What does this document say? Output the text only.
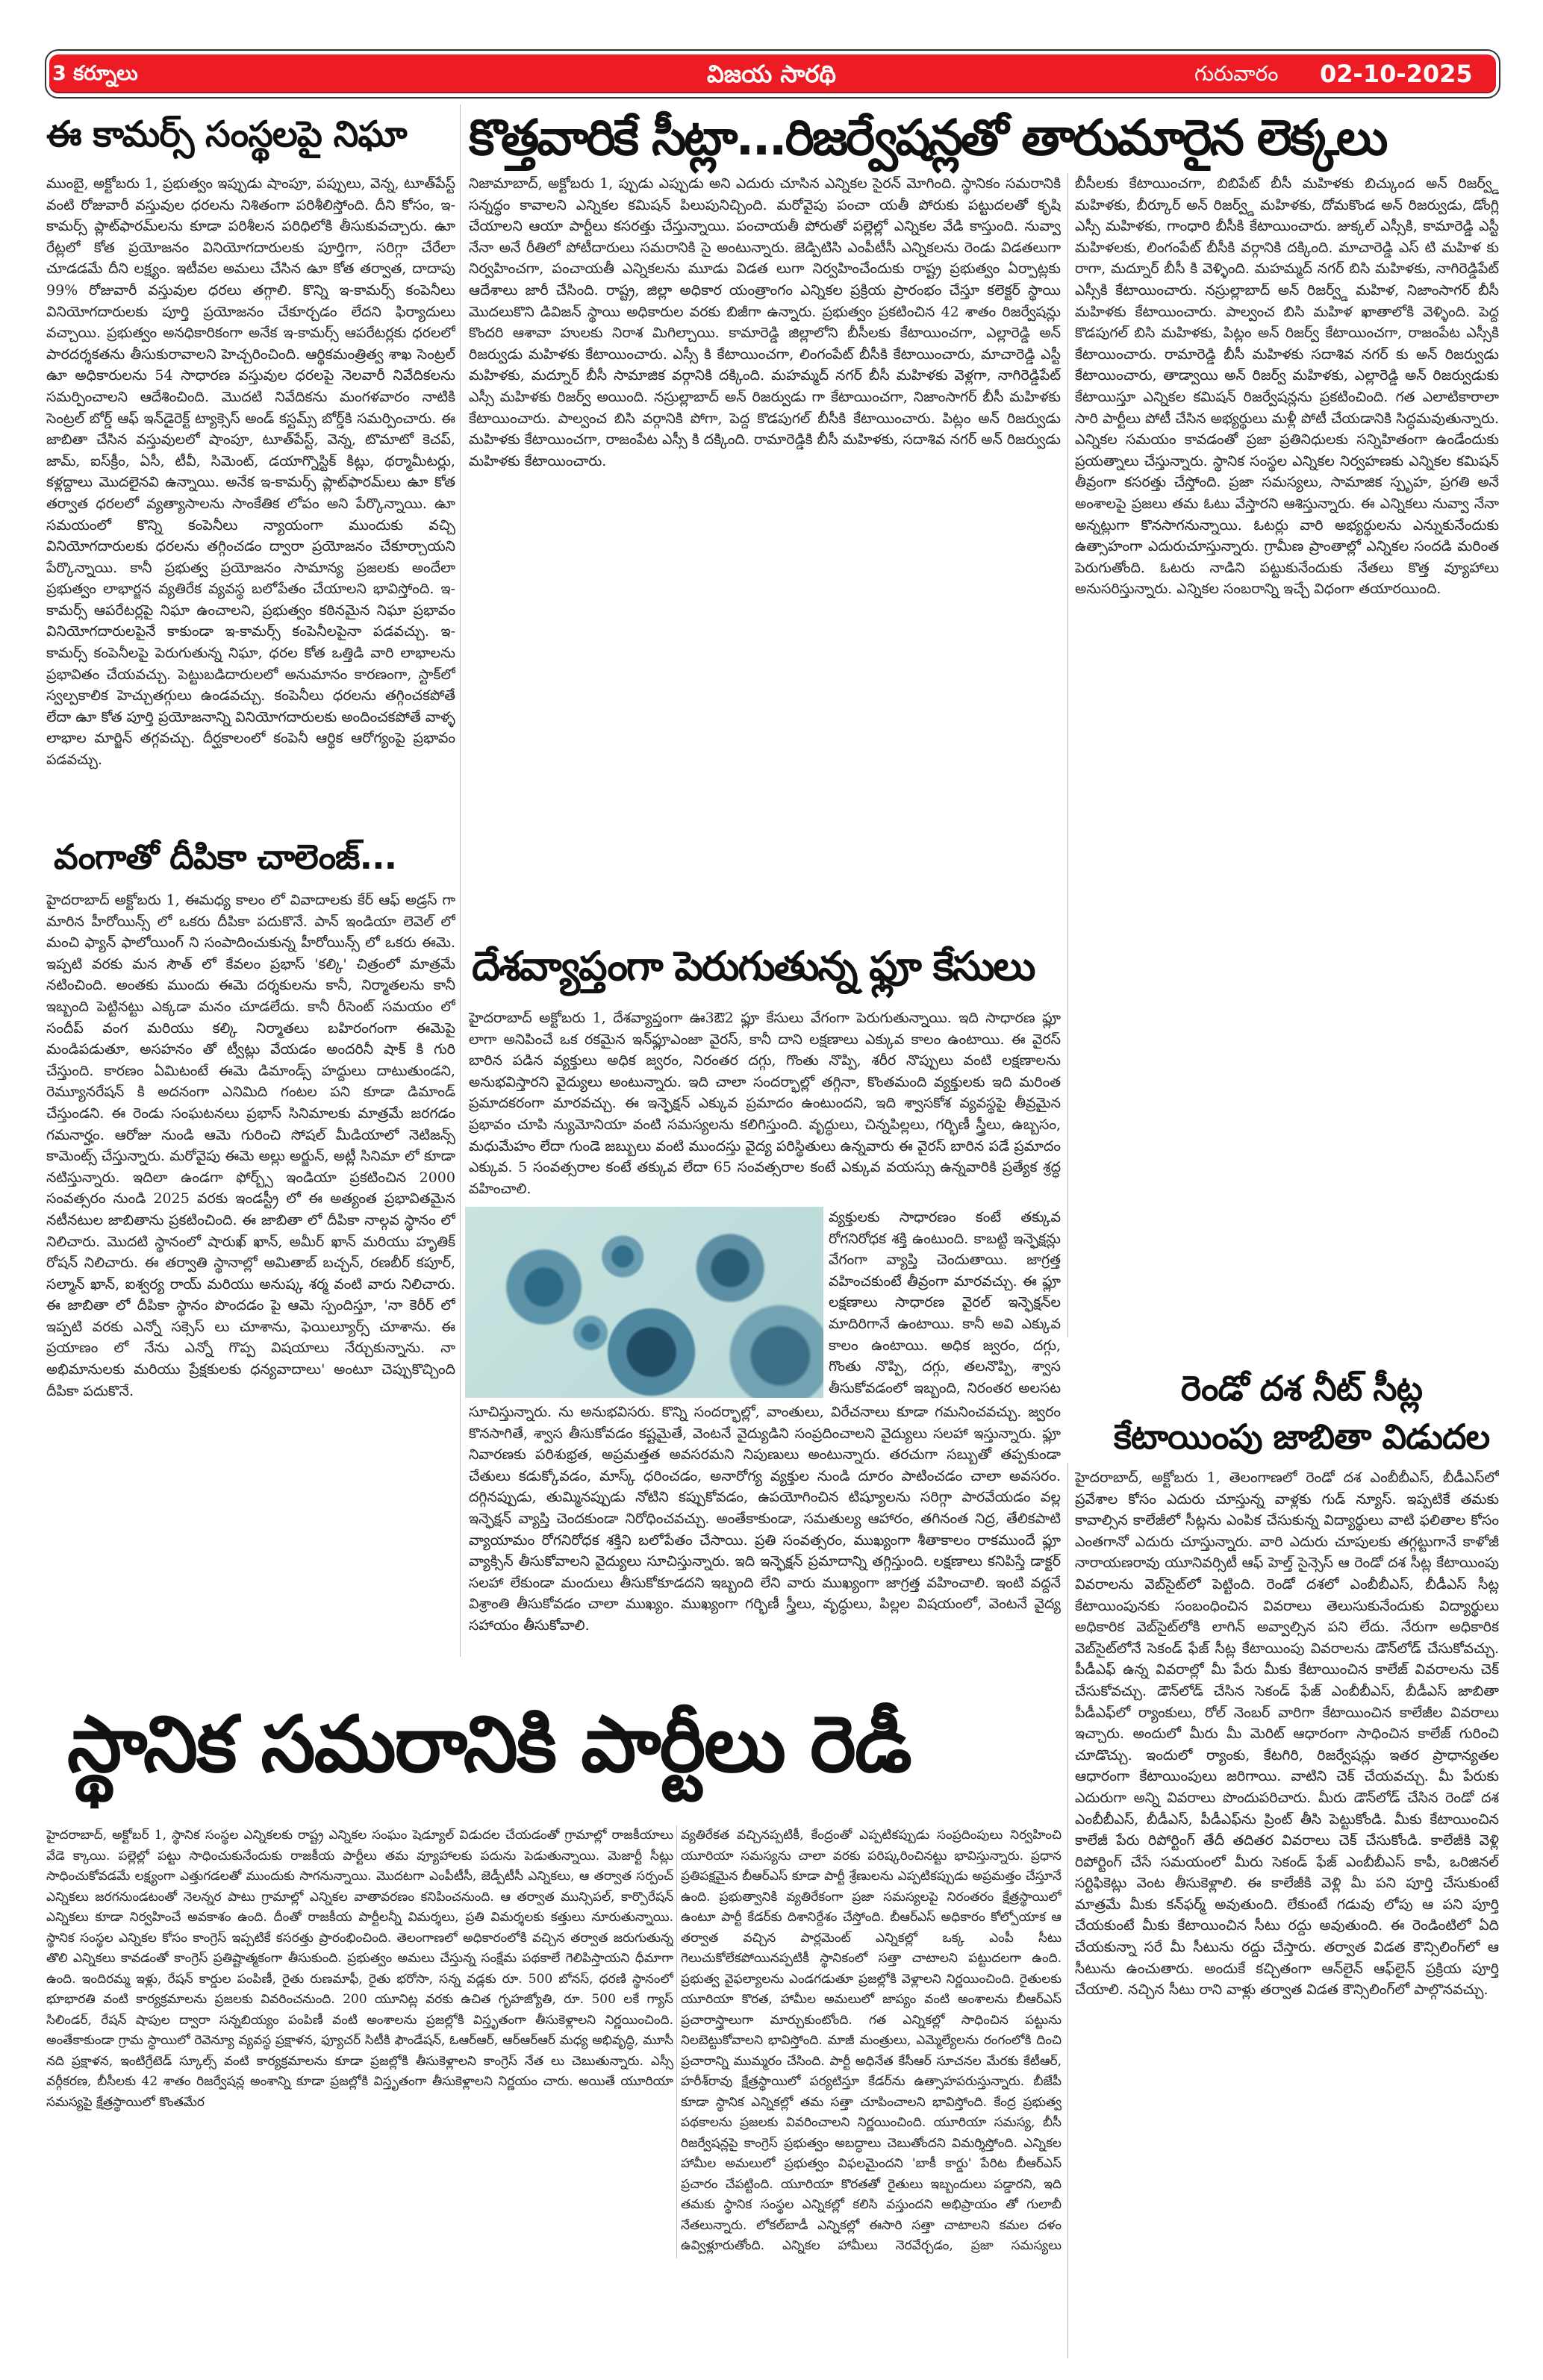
3 కర్నూలు	విజయ సారథి	గురువారం 02-10-2025
ఈ కామర్స్ సంస్థలపై నిఘా
ముంబై, అక్టోబరు 1, ప్రభుత్వం ఇప్పుడు షాంపూ, పప్పులు, వెన్న, టూత్‌పేస్ట్ వంటి రోజువారీ వస్తువుల ధరలను నిశితంగా పరిశీలిస్తోంది. దీని కోసం, ఇ-కామర్స్ ప్లాట్‌ఫారమ్‌లను కూడా పరిశీలన పరిధిలోకి తీసుకువచ్చారు. ఉూ రేట్లలో కోత ప్రయోజనం వినియోగదారులకు పూర్తిగా, సరిగ్గా చేరేలా చూడడమే దీని లక్ష్యం. ఇటీవల అమలు చేసిన ఉూ కోత తర్వాత, దాదాపు 99% రోజువారీ వస్తువుల ధరలు తగ్గాలి. కొన్ని ఇ-కామర్స్ కంపెనీలు వినియోగదారులకు పూర్తి ప్రయోజనం చేకూర్చడం లేదని ఫిర్యాదులు వచ్చాయి. ప్రభుత్వం అనధికారికంగా అనేక ఇ-కామర్స్ ఆపరేటర్లకు ధరలలో పారదర్శకతను తీసుకురావాలని హెచ్చరించింది. ఆర్థికమంత్రిత్వ శాఖ సెంట్రల్ ఉూ అధికారులను 54 సాధారణ వస్తువుల ధరలపై నెలవారీ నివేదికలను సమర్పించాలని ఆదేశించింది. మొదటి నివేదికను మంగళవారం నాటికి సెంట్రల్ బోర్డ్ ఆఫ్ ఇన్‌డైరెక్ట్ ట్యాక్సెస్ అండ్ కస్టమ్స్ బోర్డ్‌కి సమర్పించారు. ఈ జాబితా చేసిన వస్తువులలో షాంపూ, టూత్‌పేస్ట్, వెన్న, టొమాటో కెచప్, జామ్, ఐస్‌క్రీం, ఏసీ, టీవీ, సిమెంట్, డయాగ్నొస్టిక్ కిట్లు, థర్మామీటర్లు, కళ్లద్దాలు మొదలైనవి ఉన్నాయి. అనేక ఇ-కామర్స్ ప్లాట్‌ఫారమ్‌లు ఉూ కోత తర్వాత ధరలలో వ్యత్యాసాలను సాంకేతిక లోపం అని పేర్కొన్నాయి. ఉూ సమయంలో కొన్ని కంపెనీలు న్యాయంగా ముందుకు వచ్చి వినియోగదారులకు ధరలను తగ్గించడం ద్వారా ప్రయోజనం చేకూర్చాయని పేర్కొన్నాయి. కానీ ప్రభుత్వ ప్రయోజనం సామాన్య ప్రజలకు అందేలా ప్రభుత్వం లాభార్జన వ్యతిరేక వ్యవస్థ బలోపేతం చేయాలని భావిస్తోంది. ఇ-కామర్స్ ఆపరేటర్లపై నిఘా ఉంచాలని, ప్రభుత్వం కఠినమైన నిఘా ప్రభావం వినియోగదారులపైనే కాకుండా ఇ-కామర్స్ కంపెనీలపైనా పడవచ్చు. ఇ-కామర్స్ కంపెనీలపై పెరుగుతున్న నిఘా, ధరల కోత ఒత్తిడి వారి లాభాలను ప్రభావితం చేయవచ్చు. పెట్టుబడిదారులలో అనుమానం కారణంగా, స్టాక్‌లో స్వల్పకాలిక హెచ్చుతగ్గులు ఉండవచ్చు. కంపెనీలు ధరలను తగ్గించకపోతే లేదా ఉూ కోత పూర్తి ప్రయోజనాన్ని వినియోగదారులకు అందించకపోతే వాళ్ళ లాభాల మార్జిన్ తగ్గవచ్చు. దీర్ఘకాలంలో కంపెనీ ఆర్థిక ఆరోగ్యంపై ప్రభావం పడవచ్చు.
వంగాతో దీపికా చాలెంజ్...
హైదరాబాద్ అక్టోబరు 1, ఈమధ్య కాలం లో వివాదాలకు కేర్ ఆఫ్ అడ్రస్ గా మారిన హీరోయిన్స్ లో ఒకరు దీపికా పదుకొనే. పాన్ ఇండియా లెవెల్ లో మంచి ఫ్యాన్ ఫాలోయింగ్ ని సంపాదించుకున్న హీరోయిన్స్ లో ఒకరు ఈమె. ఇప్పటి వరకు మన సౌత్ లో కేవలం ప్రభాస్ 'కల్కి' చిత్రంలో మాత్రమే నటించింది. అంతకు ముందు ఈమె దర్శకులను కానీ, నిర్మాతలను కానీ ఇబ్బంది పెట్టినట్టు ఎక్కడా మనం చూడలేదు. కానీ రీసెంట్ సమయం లో సందీప్ వంగ మరియు కల్కి నిర్మాతలు బహిరంగంగా ఈమెపై మండిపడుతూ, అసహనం తో ట్వీట్లు వేయడం అందరినీ షాక్ కి గురి చేస్తుంది. కారణం ఏమిటంటే ఈమె డిమాండ్స్ హద్దులు దాటుతుండని, రెమ్యూనరేషన్ కి అదనంగా ఎనిమిది గంటల పని కూడా డిమాండ్ చేస్తుండని. ఈ రెండు సంఘటనలు ప్రభాస్ సినిమాలకు మాత్రమే జరగడం గమనార్హం. ఆరోజు నుండి ఆమె గురించి సోషల్ మీడియాలో నెటిజన్స్ కామెంట్స్ చేస్తున్నారు. మరోవైపు ఈమె అల్లు అర్జున్, అట్లీ సినిమా లో కూడా నటిస్తున్నారు. ఇదిలా ఉండగా ఫోర్బ్స్ ఇండియా ప్రకటించిన 2000 సంవత్సరం నుండి 2025 వరకు ఇండస్ట్రీ లో ఈ అత్యంత ప్రభావితమైన నటీనటుల జాబితాను ప్రకటించింది. ఈ జాబితా లో దీపికా నాల్గవ స్థానం లో నిలిచారు. మొదటి స్థానంలో షారుఖ్ ఖాన్, అమీర్ ఖాన్ మరియు హృతిక్ రోషన్ నిలిచారు. ఈ తర్వాతి స్థానాల్లో అమితాబ్ బచ్చన్, రణబీర్ కపూర్, సల్మాన్ ఖాన్, ఐశ్వర్య రాయ్ మరియు అనుష్క శర్మ వంటి వారు నిలిచారు. ఈ జాబితా లో దీపికా స్థానం పొందడం పై ఆమె స్పందిస్తూ, 'నా కెరీర్ లో ఇప్పటి వరకు ఎన్నో సక్సెస్ లు చూశాను, ఫెయిల్యూర్స్ చూశాను. ఈ ప్రయాణం లో నేను ఎన్నో గొప్ప విషయాలు నేర్చుకున్నాను. నా అభిమానులకు మరియు ప్రేక్షకులకు ధన్యవాదాలు' అంటూ చెప్పుకొచ్చింది దీపికా పదుకొనే.
కొత్తవారికే సీట్లా...రిజర్వేషన్లతో తారుమారైన లెక్కలు
నిజామాబాద్, అక్టోబరు 1, ప్పుడు ఎప్పుడు అని ఎదురు చూసిన ఎన్నికల సైరన్ మోగింది. స్థానికం సమరానికి సన్నద్ధం కావాలని ఎన్నికల కమిషన్ పిలుపునిచ్చింది. మరోవైపు పంచా యతీ పోరుకు పట్టుదలతో కృషి చేయాలని ఆయా పార్టీలు కసరత్తు చేస్తున్నాయి. పంచాయతీ పోరుతో పల్లెల్లో ఎన్నికల వేడి కాస్తుంది. నువ్వా నేనా అనే రీతిలో పోటీదారులు సమరానికి సై అంటున్నారు. జెడ్పిటిసి ఎంపీటీసీ ఎన్నికలను రెండు విడతలుగా నిర్వహించగా, పంచాయతీ ఎన్నికలను మూడు విడత లుగా నిర్వహించేందుకు రాష్ట్ర ప్రభుత్వం ఏర్పాట్లకు ఆదేశాలు జారీ చేసింది. రాష్ట్ర, జిల్లా అధికార యంత్రాంగం ఎన్నికల ప్రక్రియ ప్రారంభం చేస్తూ కలెక్టర్ స్థాయి మొదలుకొని డివిజన్ స్థాయి అధికారుల వరకు బిజీగా ఉన్నారు. ప్రభుత్వం ప్రకటించిన 42 శాతం రిజర్వేషన్లు కొందరి ఆశావా హులకు నిరాశ మిగిల్చాయి. కామారెడ్డి జిల్లాలోని బీసీలకు కేటాయించగా, ఎల్లారెడ్డి అన్ రిజర్వుడు మహిళకు కేటాయించారు. ఎస్సీ కి కేటాయించగా, లింగంపేట్ బీసీకి కేటాయించారు, మాచారెడ్డి ఎస్టీ మహిళకు, మద్నూర్ బీసీ సామాజిక వర్గానికి దక్కింది. మహమ్మద్ నగర్ బీసీ మహిళకు వెళ్లగా, నాగిరెడ్డిపేట్ ఎస్సీ మహిళకు రిజర్వ్ అయింది. నస్రుల్లాబాద్ అన్ రిజర్వుడు గా కేటాయించగా, నిజాంసాగర్ బీసీ మహిళకు కేటాయించారు. పాల్వంచ బిసి వర్గానికి పోగా, పెద్ద కొడపుగల్ బీసీకి కేటాయించారు. పిట్లం అన్ రిజర్వుడు మహిళకు కేటాయించగా, రాజంపేట ఎస్సీ కి దక్కింది. రామారెడ్డికి బీసీ మహిళకు, సదాశివ నగర్ అన్ రిజర్వుడు మహిళకు కేటాయించారు.
బీసీలకు కేటాయించగా, బిబిపేట్ బీసీ మహిళకు బిచ్కుంద అన్ రిజర్వ్డ్ మహిళకు, బీర్కూర్ అన్ రిజర్వ్డ్ మహిళకు, దోమకొండ అన్ రిజర్వుడు, డోంగ్లి ఎస్సీ మహిళకు, గాంధారి బీసీకి కేటాయించారు. జుక్కల్ ఎస్సీకి, కామారెడ్డి ఎస్టీ మహిళలకు, లింగంపేట్ బీసీకి వర్గానికి దక్కింది. మాచారెడ్డి ఎస్ టి మహిళ కు రాగా, మద్నూర్ బీసీ కి వెళ్ళింది. మహమ్మద్ నగర్ బిసి మహిళకు, నాగిరెడ్డిపేట్ ఎస్సీకి కేటాయించారు. నస్రుల్లాబాద్ అన్ రిజర్వ్డ్ మహిళ, నిజాంసాగర్ బీసీ మహిళకు కేటాయించారు. పాల్వంచ బిసి మహిళ ఖాతాలోకి వెళ్ళింది. పెద్ద కొడపుగల్ బిసి మహిళకు, పిట్లం అన్ రిజర్వ్ కేటాయించగా, రాజంపేట ఎస్సీకి కేటాయించారు. రామారెడ్డి బీసీ మహిళకు సదాశివ నగర్ కు అన్ రిజర్వుడు కేటాయించారు, తాడ్వాయి అన్ రిజర్వ్ మహిళకు, ఎల్లారెడ్డి అన్ రిజర్వుడుకు కేటాయిస్తూ ఎన్నికల కమిషన్ రిజర్వేషన్లను ప్రకటించింది. గత ఎలాటికారాలా సారి పార్టీలు పోటీ చేసిన అభ్యర్థులు మళ్లీ పోటీ చేయడానికి సిద్ధమవుతున్నారు. ఎన్నికల సమయం కావడంతో ప్రజా ప్రతినిధులకు సన్నిహితంగా ఉండేందుకు ప్రయత్నాలు చేస్తున్నారు. స్థానిక సంస్థల ఎన్నికల నిర్వహణకు ఎన్నికల కమిషన్ తీవ్రంగా కసరత్తు చేస్తోంది. ప్రజా సమస్యలు, సామాజిక స్పృహ, ప్రగతి అనే అంశాలపై ప్రజలు తమ ఓటు వేస్తారని ఆశిస్తున్నారు. ఈ ఎన్నికలు నువ్వా నేనా అన్నట్లుగా కొనసాగనున్నాయి. ఓటర్లు వారి అభ్యర్థులను ఎన్నుకునేందుకు ఉత్సాహంగా ఎదురుచూస్తున్నారు. గ్రామీణ ప్రాంతాల్లో ఎన్నికల సందడి మరింత పెరుగుతోంది. ఓటరు నాడిని పట్టుకునేందుకు నేతలు కొత్త వ్యూహాలు అనుసరిస్తున్నారు. ఎన్నికల సంబరాన్ని ఇచ్చే విధంగా తయారయింది.
దేశవ్యాప్తంగా పెరుగుతున్న ఫ్లూ కేసులు
హైదరాబాద్ అక్టోబరు 1, దేశవ్యాప్తంగా ఊ3ఔ2 ఫ్లూ కేసులు వేగంగా పెరుగుతున్నాయి. ఇది సాధారణ ఫ్లూ లాగా అనిపించే ఒక రకమైన ఇన్‌ఫ్లూఎంజా వైరస్, కానీ దాని లక్షణాలు ఎక్కువ కాలం ఉంటాయి. ఈ వైరస్ బారిన పడిన వ్యక్తులు అధిక జ్వరం, నిరంతర దగ్గు, గొంతు నొప్పి, శరీర నొప్పులు వంటి లక్షణాలను అనుభవిస్తారని వైద్యులు అంటున్నారు. ఇది చాలా సందర్భాల్లో తగ్గినా, కొంతమంది వ్యక్తులకు ఇది మరింత ప్రమాదకరంగా మారవచ్చు. ఈ ఇన్ఫెక్షన్ ఎక్కువ ప్రమాదం ఉంటుందని, ఇది శ్వాసకోశ వ్యవస్థపై తీవ్రమైన ప్రభావం చూపి న్యుమోనియా వంటి సమస్యలను కలిగిస్తుంది. వృద్ధులు, చిన్నపిల్లలు, గర్భిణీ స్త్రీలు, ఉబ్బసం, మధుమేహం లేదా గుండె జబ్బులు వంటి ముందస్తు వైద్య పరిస్థితులు ఉన్నవారు ఈ వైరస్ బారిన పడే ప్రమాదం ఎక్కువ. 5 సంవత్సరాల కంటే తక్కువ లేదా 65 సంవత్సరాల కంటే ఎక్కువ వయస్సు ఉన్నవారికి ప్రత్యేక శ్రద్ధ వహించాలి.
వ్యక్తులకు సాధారణం కంటే తక్కువ రోగనిరోధక శక్తి ఉంటుంది. కాబట్టి ఇన్ఫెక్షన్లు వేగంగా వ్యాప్తి చెందుతాయి. జాగ్రత్త వహించకుంటే తీవ్రంగా మారవచ్చు. ఈ ఫ్లూ లక్షణాలు సాధారణ వైరల్ ఇన్ఫెక్షన్‌ల మాదిరిగానే ఉంటాయి. కానీ అవి ఎక్కువ కాలం ఉంటాయి. అధిక జ్వరం, దగ్గు, గొంతు నొప్పి, దగ్గు, తలనొప్పి, శ్వాస తీసుకోవడంలో ఇబ్బంది, నిరంతర అలసట
సూచిస్తున్నారు. ను అనుభవిసరు. కొన్ని సందర్భాల్లో, వాంతులు, విరేచనాలు కూడా గమనించవచ్చు. జ్వరం కొనసాగితే, శ్వాస తీసుకోవడం కష్టమైతే, వెంటనే వైద్యుడిని సంప్రదించాలని వైద్యులు సలహా ఇస్తున్నారు. ఫ్లూ నివారణకు పరిశుభ్రత, అప్రమత్తత అవసరమని నిపుణులు అంటున్నారు. తరచుగా సబ్బుతో తప్పకుండా చేతులు కడుక్కోవడం, మాస్క్ ధరించడం, అనారోగ్య వ్యక్తుల నుండి దూరం పాటించడం చాలా అవసరం. దగ్గినప్పుడు, తుమ్మినప్పుడు నోటిని కప్పుకోవడం, ఉపయోగించిన టిష్యూలను సరిగ్గా పారవేయడం వల్ల ఇన్ఫెక్షన్ వ్యాప్తి చెందకుండా నిరోధించవచ్చు. అంతేకాకుండా, సమతుల్య ఆహారం, తగినంత నిద్ర, తేలికపాటి వ్యాయామం రోగనిరోధక శక్తిని బలోపేతం చేసాయి. ప్రతి సంవత్సరం, ముఖ్యంగా శీతాకాలం రాకముందే ఫ్లూ వ్యాక్సిన్ తీసుకోవాలని వైద్యులు సూచిస్తున్నారు. ఇది ఇన్ఫెక్షన్ ప్రమాదాన్ని తగ్గిస్తుంది. లక్షణాలు కనిపిస్తే డాక్టర్ సలహా లేకుండా మందులు తీసుకోకూడదని ఇబ్బంది లేని వారు ముఖ్యంగా జాగ్రత్త వహించాలి. ఇంటి వద్దనే విశ్రాంతి తీసుకోవడం చాలా ముఖ్యం. ముఖ్యంగా గర్భిణీ స్త్రీలు, వృద్ధులు, పిల్లల విషయంలో, వెంటనే వైద్య సహాయం తీసుకోవాలి.
రెండో దశ నీట్ సీట్ల
కేటాయింపు జాబితా విడుదల
హైదరాబాద్, అక్టోబరు 1, తెలంగాణలో రెండో దశ ఎంబీబీఎస్, బీడీఎస్‌లో ప్రవేశాల కోసం ఎదురు చూస్తున్న వాళ్లకు గుడ్ న్యూస్. ఇప్పటికే తమకు కావాల్సిన కాలేజీలో సీట్లను ఎంపిక చేసుకున్న విద్యార్థులు వాటి ఫలితాల కోసం ఎంతగానో ఎదురు చూస్తున్నారు. వారి ఎదురు చూపులకు తగ్గట్టుగానే కాళోజీ నారాయణరావు యూనివర్సిటీ ఆఫ్ హెల్త్ సైన్సెస్ ఆ రెండో దశ సీట్ల కేటాయింపు వివరాలను వెబ్‌సైట్‌లో పెట్టింది. రెండో దశలో ఎంబీబీఎస్, బీడీఎస్ సీట్ల కేటాయింపునకు సంబంధించిన వివరాలు తెలుసుకునేందుకు విద్యార్థులు అధికారిక వెబ్‌సైట్‌లోకి లాగిన్ అవ్వాల్సిన పని లేదు. నేరుగా అధికారిక వెబ్‌సైట్‌లోనే సెకండ్ ఫేజ్ సీట్ల కేటాయింపు వివరాలను డౌన్‌లోడ్ చేసుకోవచ్చు. పీడీఎఫ్ ఉన్న వివరాల్లో మీ పేరు మీకు కేటాయించిన కాలేజ్ వివరాలను చెక్ చేసుకోవచ్చు. డౌన్‌లోడ్ చేసిన సెకండ్ ఫేజ్ ఎంబీబీఎస్, బీడీఎస్ జాబితా పీడీఎఫ్‌లో ర్యాంకులు, రోల్ నెంబర్ వారిగా కేటాయించిన కాలేజీల వివరాలు ఇచ్చారు. అందులో మీరు మీ మెరిట్ ఆధారంగా సాధించిన కాలేజ్ గురించి చూడొచ్చు. ఇందులో ర్యాంకు, కేటగిరి, రిజర్వేషన్లు ఇతర ప్రాధాన్యతల ఆధారంగా కేటాయింపులు జరిగాయి. వాటిని చెక్ చేయవచ్చు. మీ పేరుకు ఎదురుగా అన్ని వివరాలు పొందుపరిచారు. మీరు డౌన్‌లోడ్ చేసిన రెండో దశ ఎంబీబీఎస్, బీడీఎస్, పీడీఎఫ్‌ను ప్రింట్ తీసి పెట్టుకోండి. మీకు కేటాయించిన కాలేజీ పేరు రిపోర్టింగ్ తేదీ తదితర వివరాలు చెక్ చేసుకోండి. కాలేజీకి వెళ్లి రిపోర్టింగ్ చేసే సమయంలో మీరు సెకండ్ ఫేజ్ ఎంబీబీఎస్ కాపీ, ఒరిజినల్ సర్టిఫికెట్లు వెంట తీసుకెళ్లాలి. ఈ కాలేజీకి వెళ్లి మీ పని పూర్తి చేసుకుంటే మాత్రమే మీకు కన్‌ఫర్మ్ అవుతుంది. లేకుంటే గడువు లోపు ఆ పని పూర్తి చేయకుంటే మీకు కేటాయించిన సీటు రద్దు అవుతుంది. ఈ రెండింటిలో ఏది చేయకున్నా సరే మీ సీటును రద్దు చేస్తారు. తర్వాత విడత కౌన్సిలింగ్‌లో ఆ సీటును ఉంచుతారు. అందుకే కచ్చితంగా ఆన్‌లైన్ ఆఫ్‌లైన్ ప్రక్రియ పూర్తి చేయాలి. నచ్చిన సీటు రాని వాళ్లు తర్వాత విడత కౌన్సిలింగ్‌లో పాల్గొనవచ్చు.
స్థానిక సమరానికి పార్టీలు రెడీ
హైదరాబాద్, అక్టోబర్ 1, స్థానిక సంస్థల ఎన్నికలకు రాష్ట్ర ఎన్నికల సంఘం షెడ్యూల్ విడుదల చేయడంతో గ్రామాల్లో రాజకీయాలు వేడె క్కాయి. పల్లెల్లో పట్టు సాధించుకునేందుకు రాజకీయ పార్టీలు తమ వ్యూహాలకు పదును పెడుతున్నాయి. మెజార్టీ సీట్లు సాధించుకోవడమే లక్ష్యంగా ఎత్తుగడలతో ముందుకు సాగనున్నాయి. మొదటగా ఎంపీటీసీ, జెడ్పీటీసీ ఎన్నికలు, ఆ తర్వాత సర్పంచ్ ఎన్నికలు జరగనుండటంతో నెలన్నర పాటు గ్రామాల్లో ఎన్నికల వాతావరణం కనిపించనుంది. ఆ తర్వాత మున్సిపల్, కార్పొరేషన్ ఎన్నికలు కూడా నిర్వహించే అవకాశం ఉంది. దీంతో రాజకీయ పార్టీలన్నీ విమర్శలు, ప్రతి విమర్శలకు కత్తులు నూరుతున్నాయి. స్థానిక సంస్థల ఎన్నికల కోసం కాంగ్రెస్ ఇప్పటికే కసరత్తు ప్రారంభించింది. తెలంగాణలో అధికారంలోకి వచ్చిన తర్వాత జరుగుతున్న తొలి ఎన్నికలు కావడంతో కాంగ్రెస్ ప్రతిష్టాత్మకంగా తీసుకుంది. ప్రభుత్వం అమలు చేస్తున్న సంక్షేమ పథకాలే గెలిపిస్తాయని ధీమాగా ఉంది. ఇందిరమ్మ ఇళ్లు, రేషన్ కార్డుల పంపిణీ, రైతు రుణమాఫీ, రైతు భరోసా, సన్న వడ్లకు రూ. 500 బోనస్, ధరణి స్థానంలో భూభారతి వంటి కార్యక్రమాలను ప్రజలకు వివరించనుంది. 200 యూనిట్ల వరకు ఉచిత గృహజ్యోతి, రూ. 500 లకే గ్యాస్ సిలిండర్, రేషన్ షాపుల ద్వారా సన్నబియ్యం పంపిణీ వంటి అంశాలను ప్రజల్లోకి విస్తృతంగా తీసుకెళ్లాలని నిర్ణయించింది. అంతేకాకుండా గ్రామ స్థాయిలో రెవెన్యూ వ్యవస్థ ప్రక్షాళన, ఫ్యూచర్ సిటీకి ఫౌండేషన్, ఓఆర్ఆర్, ఆర్ఆర్ఆర్ మధ్య అభివృద్ధి, మూసీ నది ప్రక్షాళన, ఇంటిగ్రేటెడ్ స్కూల్స్ వంటి కార్యక్రమాలను కూడా ప్రజల్లోకి తీసుకెళ్లాలని కాంగ్రెస్ నేత లు చెబుతున్నారు. ఎస్సీ వర్గీకరణ, బీసీలకు 42 శాతం రిజర్వేషన్ల అంశాన్ని కూడా ప్రజల్లోకి విస్తృతంగా తీసుకెళ్లాలని నిర్ణయం చారు. అయితే యూరియా సమస్యపై క్షేత్రస్థాయిలో కొంతమేర
వ్యతిరేకత వచ్చినప్పటికీ, కేంద్రంతో ఎప్పటికప్పుడు సంప్రదింపులు నిర్వహించి యూరియా సమస్యను చాలా వరకు పరిష్కరించినట్టు భావిస్తున్నారు. ప్రధాన ప్రతిపక్షమైన బీఆర్ఎస్ కూడా పార్టీ శ్రేణులను ఎప్పటికప్పుడు అప్రమత్తం చేస్తూనే ఉంది. ప్రభుత్వానికి వ్యతిరేకంగా ప్రజా సమస్యలపై నిరంతరం క్షేత్రస్థాయిలో ఉంటూ పార్టీ కేడర్‌కు దిశానిర్దేశం చేస్తోంది. బీఆర్ఎస్ అధికారం కోల్పోయాక ఆ తర్వాత వచ్చిన పార్లమెంట్ ఎన్నికల్లో ఒక్క ఎంపీ సీటు గెలుచుకోలేకపోయినప్పటికీ స్థానికంలో సత్తా చాటాలని పట్టుదలగా ఉంది. ప్రభుత్వ వైఫల్యాలను ఎండగడుతూ ప్రజల్లోకి వెళ్లాలని నిర్ణయించింది. రైతులకు యూరియా కొరత, హామీల అమలులో జాప్యం వంటి అంశాలను బీఆర్ఎస్ ప్రచారాస్త్రాలుగా మార్చుకుంటోంది. గత ఎన్నికల్లో సాధించిన పట్టును నిలబెట్టుకోవాలని భావిస్తోంది. మాజీ మంత్రులు, ఎమ్మెల్యేలను రంగంలోకి దించి ప్రచారాన్ని ముమ్మరం చేసింది. పార్టీ అధినేత కేసీఆర్ సూచనల మేరకు కేటీఆర్, హరీశ్‌రావు క్షేత్రస్థాయిలో పర్యటిస్తూ కేడర్‌ను ఉత్సాహపరుస్తున్నారు. బీజేపీ కూడా స్థానిక ఎన్నికల్లో తమ సత్తా చూపించాలని భావిస్తోంది. కేంద్ర ప్రభుత్వ పథకాలను ప్రజలకు వివరించాలని నిర్ణయించింది. యూరియా సమస్య, బీసీ రిజర్వేషన్లపై కాంగ్రెస్ ప్రభుత్వం అబద్ధాలు చెబుతోందని విమర్శిస్తోంది. ఎన్నికల హామీల అమలులో ప్రభుత్వం విఫలమైందని 'బాకీ కార్డు' పేరిట బీఆర్ఎస్ ప్రచారం చేపట్టింది. యూరియా కొరతతో రైతులు ఇబ్బందులు పడ్డారని, ఇది తమకు స్థానిక సంస్థల ఎన్నికల్లో కలిసి వస్తుందని అభిప్రాయం తో గులాబీ నేతలున్నారు. లోకల్‌బాడీ ఎన్నికల్లో ఈసారి సత్తా చాటాలని కమల దళం ఉవ్విళ్లూరుతోంది. ఎన్నికల హామీలు నెరవేర్చడం, ప్రజా సమస్యలు
